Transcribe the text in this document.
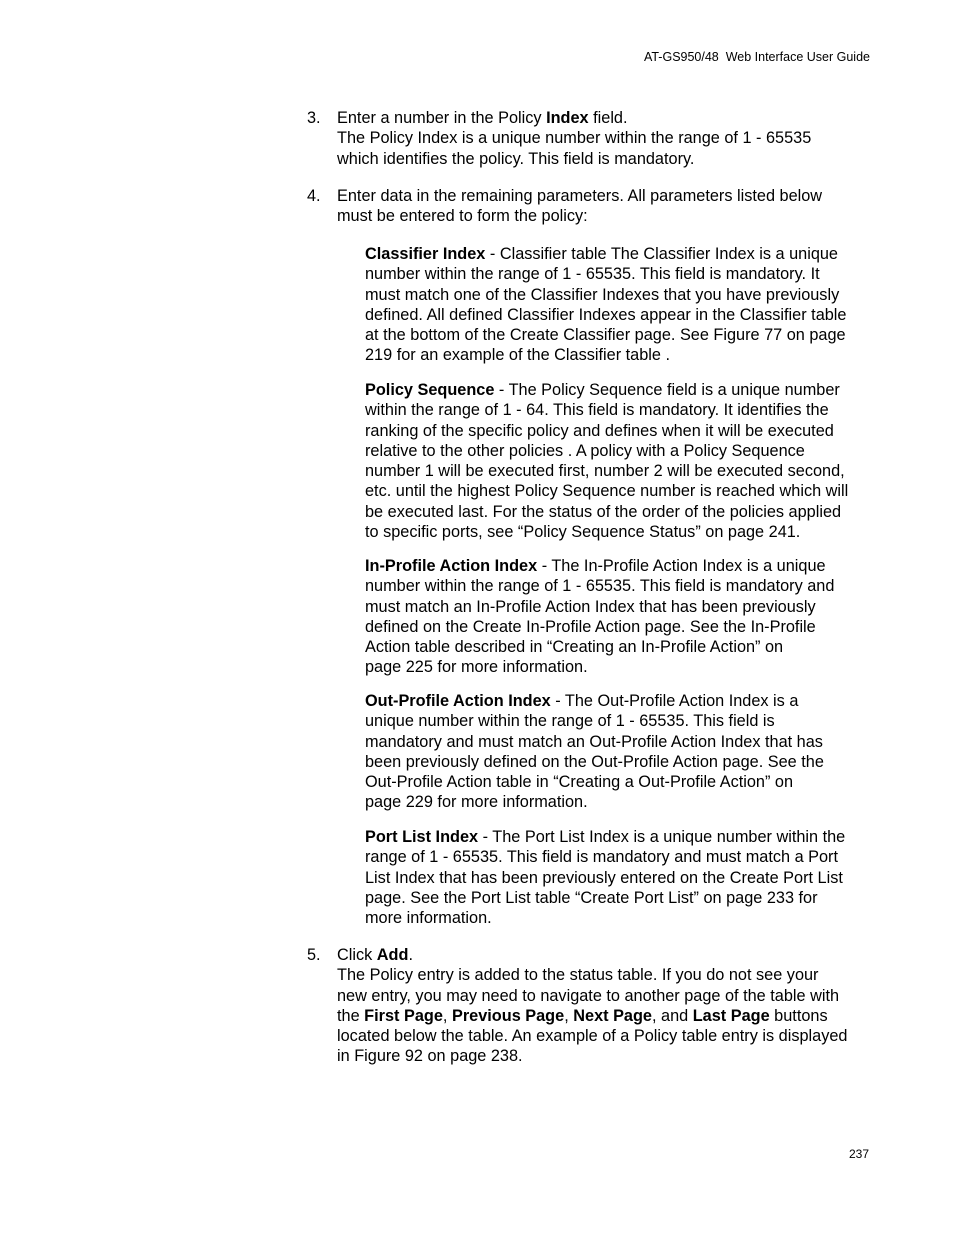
AT-GS950/48  Web Interface User Guide
3.	Enter a number in the Policy Index field.
The Policy Index is a unique number within the range of 1 - 65535
which identifies the policy. This field is mandatory.
4.	Enter data in the remaining parameters. All parameters listed below
must be entered to form the policy:
Classifier Index - Classifier table The Classifier Index is a unique
number within the range of 1 - 65535. This field is mandatory. It
must match one of the Classifier Indexes that you have previously
defined. All defined Classifier Indexes appear in the Classifier table
at the bottom of the Create Classifier page. See Figure 77 on page
219 for an example of the Classifier table .
Policy Sequence - The Policy Sequence field is a unique number
within the range of 1 - 64. This field is mandatory. It identifies the
ranking of the specific policy and defines when it will be executed
relative to the other policies . A policy with a Policy Sequence
number 1 will be executed first, number 2 will be executed second,
etc. until the highest Policy Sequence number is reached which will
be executed last. For the status of the order of the policies applied
to specific ports, see “Policy Sequence Status” on page 241.
In-Profile Action Index - The In-Profile Action Index is a unique
number within the range of 1 - 65535. This field is mandatory and
must match an In-Profile Action Index that has been previously
defined on the Create In-Profile Action page. See the In-Profile
Action table described in “Creating an In-Profile Action” on
page 225 for more information.
Out-Profile Action Index - The Out-Profile Action Index is a
unique number within the range of 1 - 65535. This field is
mandatory and must match an Out-Profile Action Index that has
been previously defined on the Out-Profile Action page. See the
Out-Profile Action table in “Creating a Out-Profile Action” on
page 229 for more information.
Port List Index - The Port List Index is a unique number within the
range of 1 - 65535. This field is mandatory and must match a Port
List Index that has been previously entered on the Create Port List
page. See the Port List table “Create Port List” on page 233 for
more information.
5.	Click Add.
The Policy entry is added to the status table. If you do not see your
new entry, you may need to navigate to another page of the table with
the First Page, Previous Page, Next Page, and Last Page buttons
located below the table. An example of a Policy table entry is displayed
in Figure 92 on page 238.
237
